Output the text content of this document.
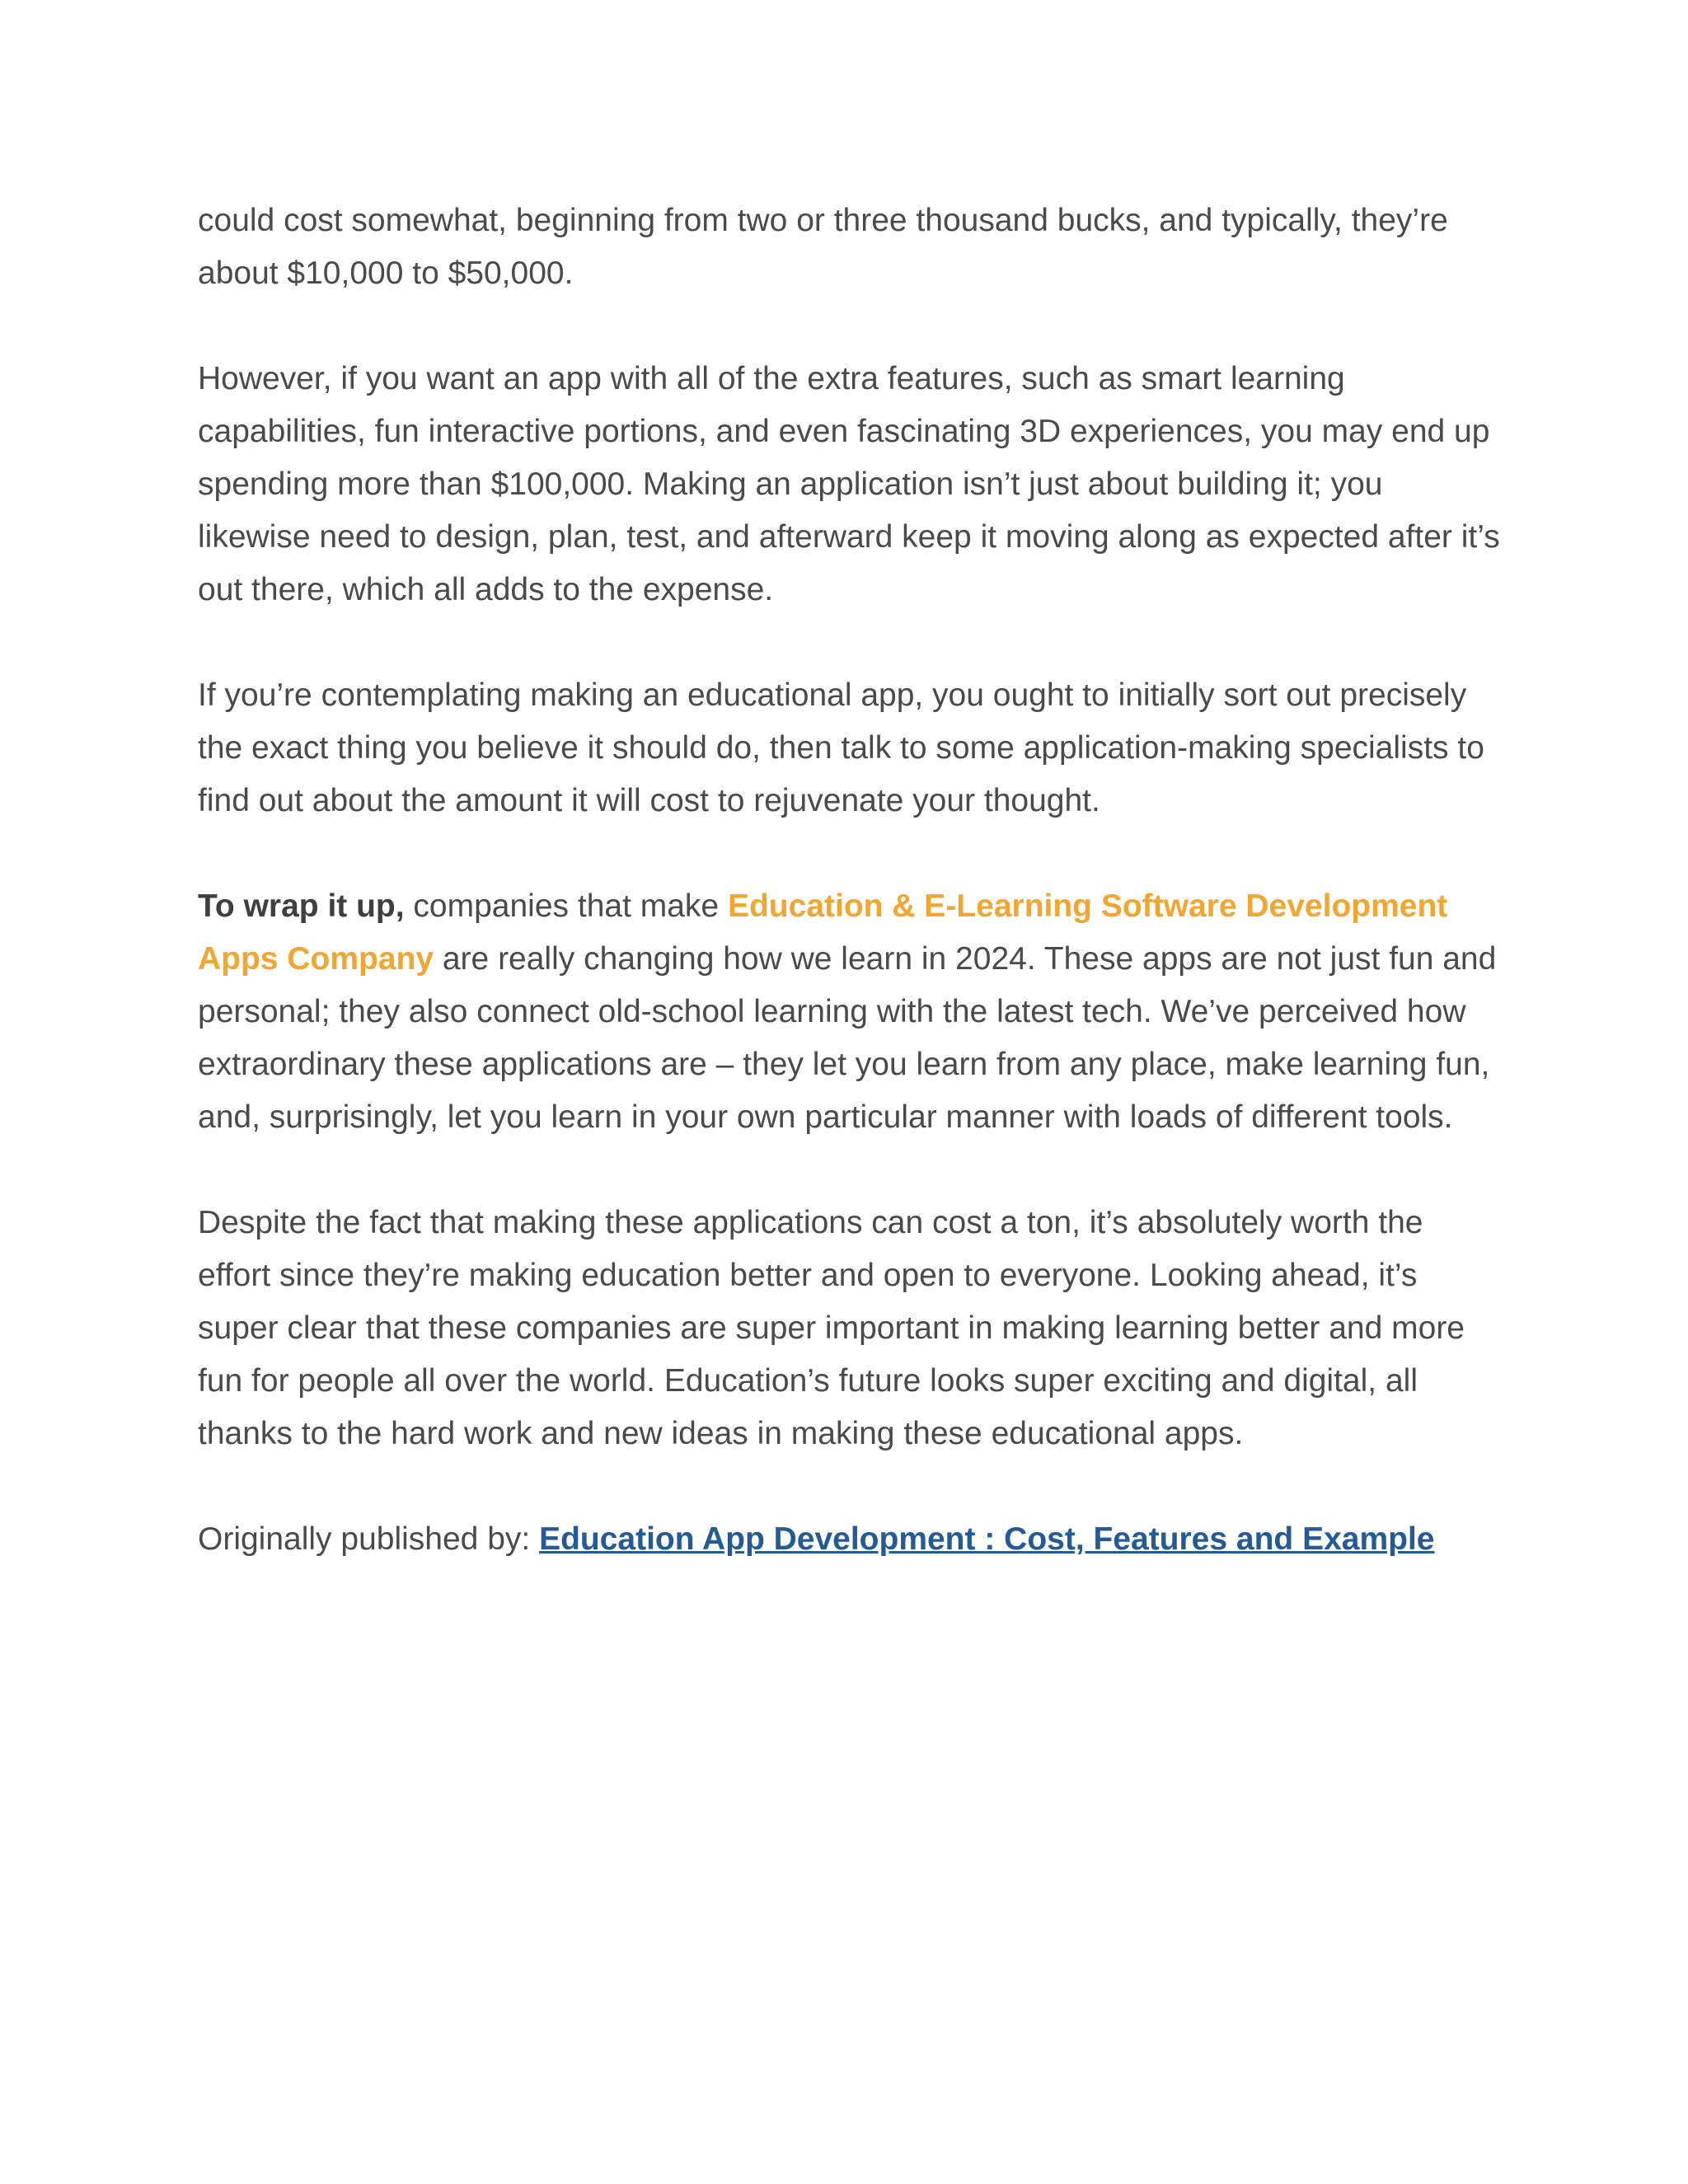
could cost somewhat, beginning from two or three thousand bucks, and typically, they’re about $10,000 to $50,000.

However, if you want an app with all of the extra features, such as smart learning capabilities, fun interactive portions, and even fascinating 3D experiences, you may end up spending more than $100,000. Making an application isn’t just about building it; you likewise need to design, plan, test, and afterward keep it moving along as expected after it’s out there, which all adds to the expense.

If you’re contemplating making an educational app, you ought to initially sort out precisely the exact thing you believe it should do, then talk to some application-making specialists to find out about the amount it will cost to rejuvenate your thought.

To wrap it up, companies that make Education & E-Learning Software Development Apps Company are really changing how we learn in 2024. These apps are not just fun and personal; they also connect old-school learning with the latest tech. We’ve perceived how extraordinary these applications are – they let you learn from any place, make learning fun, and, surprisingly, let you learn in your own particular manner with loads of different tools.

Despite the fact that making these applications can cost a ton, it’s absolutely worth the effort since they’re making education better and open to everyone. Looking ahead, it’s super clear that these companies are super important in making learning better and more fun for people all over the world. Education’s future looks super exciting and digital, all thanks to the hard work and new ideas in making these educational apps.

Originally published by: Education App Development : Cost, Features and Example
